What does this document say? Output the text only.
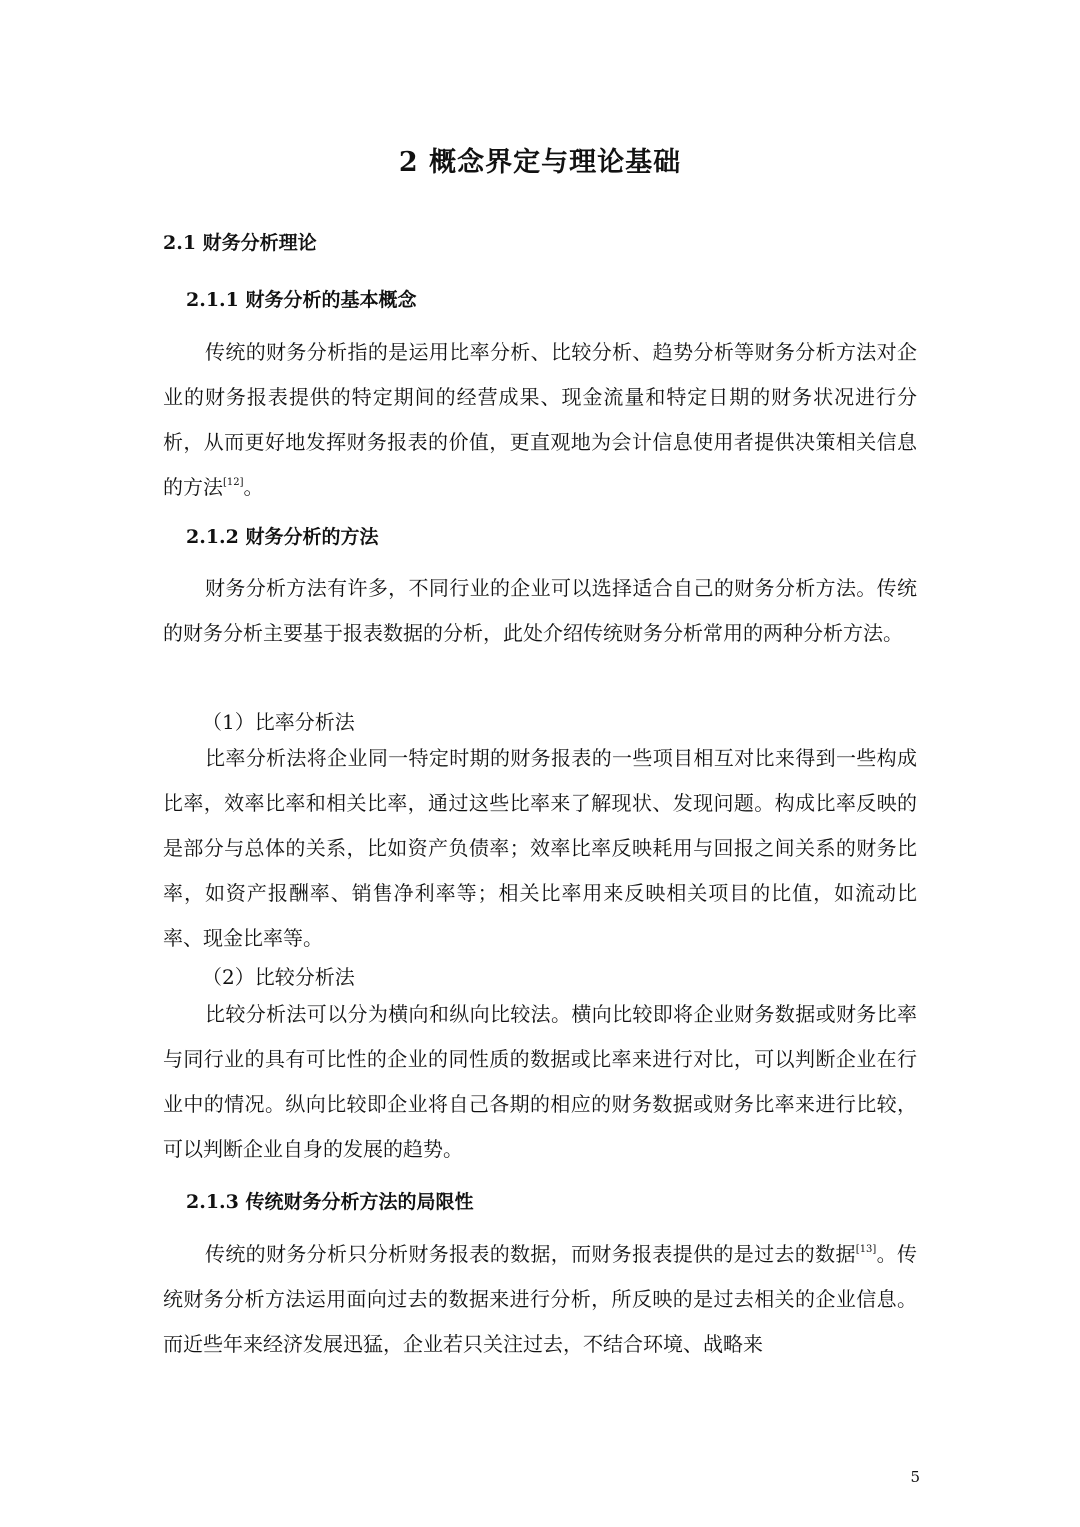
2 概念界定与理论基础
2.1 财务分析理论
2.1.1 财务分析的基本概念
传统的财务分析指的是运用比率分析、比较分析、趋势分析等财务分析方法对企业的财务报表提供的特定期间的经营成果、现金流量和特定日期的财务状况进行分析，从而更好地发挥财务报表的价值，更直观地为会计信息使用者提供决策相关信息的方法[12]。
2.1.2 财务分析的方法
财务分析方法有许多，不同行业的企业可以选择适合自己的财务分析方法。传统的财务分析主要基于报表数据的分析，此处介绍传统财务分析常用的两种分析方法。
（1）比率分析法
比率分析法将企业同一特定时期的财务报表的一些项目相互对比来得到一些构成比率，效率比率和相关比率，通过这些比率来了解现状、发现问题。构成比率反映的是部分与总体的关系，比如资产负债率；效率比率反映耗用与回报之间关系的财务比率，如资产报酬率、销售净利率等；相关比率用来反映相关项目的比值，如流动比率、现金比率等。
（2）比较分析法
比较分析法可以分为横向和纵向比较法。横向比较即将企业财务数据或财务比率与同行业的具有可比性的企业的同性质的数据或比率来进行对比，可以判断企业在行业中的情况。纵向比较即企业将自己各期的相应的财务数据或财务比率来进行比较，可以判断企业自身的发展的趋势。
2.1.3 传统财务分析方法的局限性
传统的财务分析只分析财务报表的数据，而财务报表提供的是过去的数据[13]。传统财务分析方法运用面向过去的数据来进行分析，所反映的是过去相关的企业信息。而近些年来经济发展迅猛，企业若只关注过去，不结合环境、战略来
5
